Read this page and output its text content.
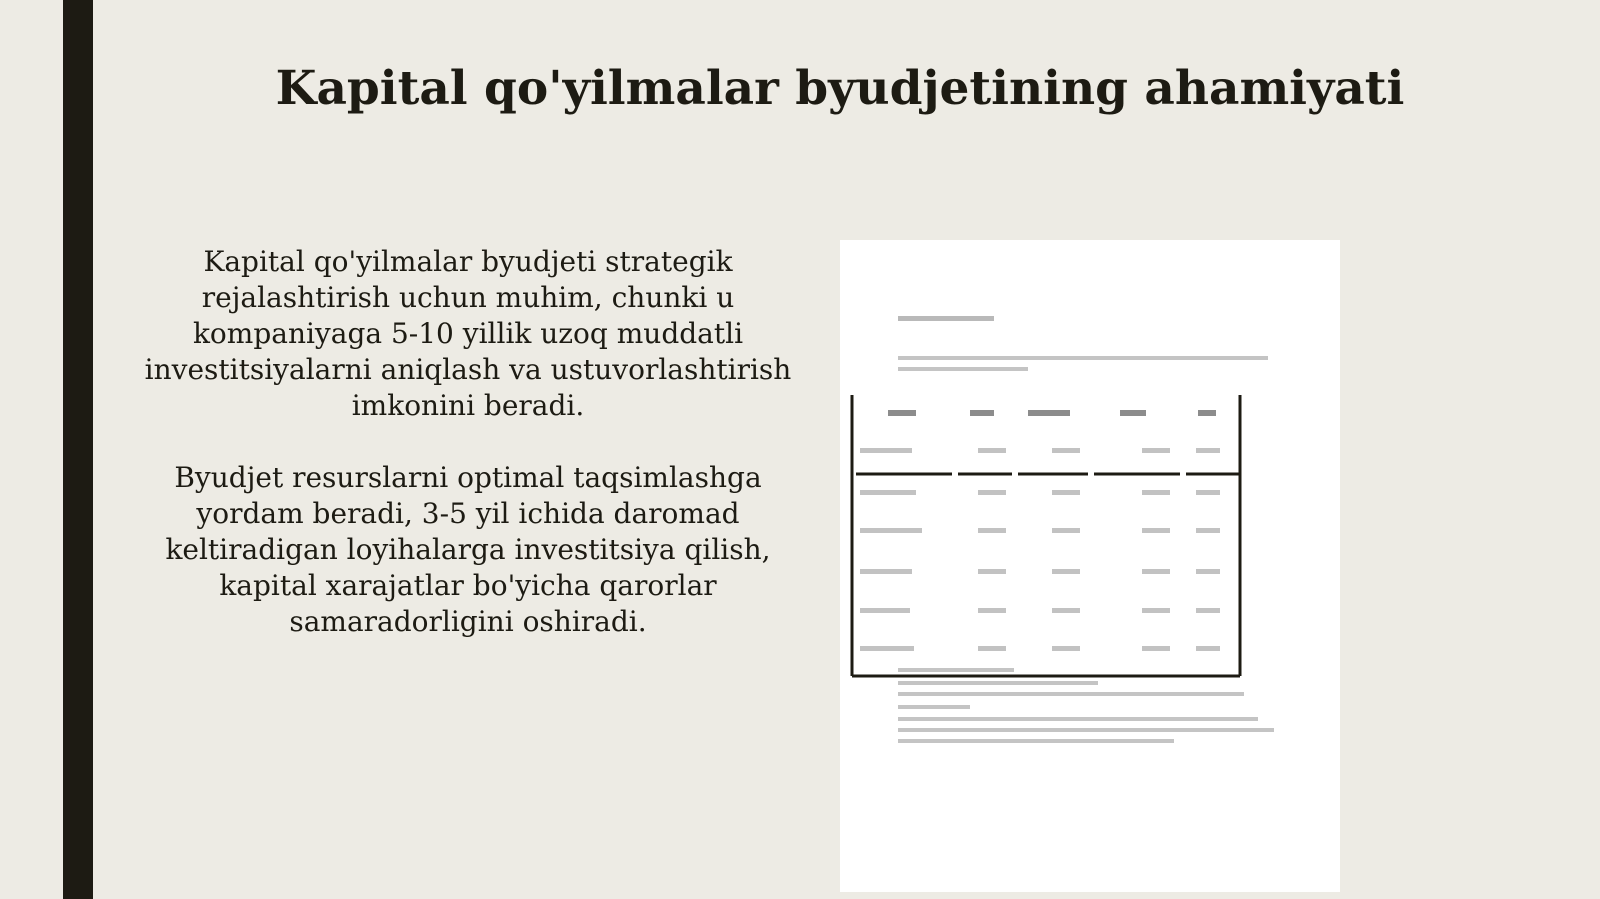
Kapital qo'yilmalar byudjetining ahamiyati

Kapital qo'yilmalar byudjeti strategik rejalashtirish uchun muhim, chunki u kompaniyaga 5-10 yillik uzoq muddatli investitsiyalarni aniqlash va ustuvorlashtirish imkonini beradi.

Byudjet resurslarni optimal taqsimlashga yordam beradi, 3-5 yil ichida daromad keltiradigan loyihalarga investitsiya qilish, kapital xarajatlar bo'yicha qarorlar samaradorligini oshiradi.
